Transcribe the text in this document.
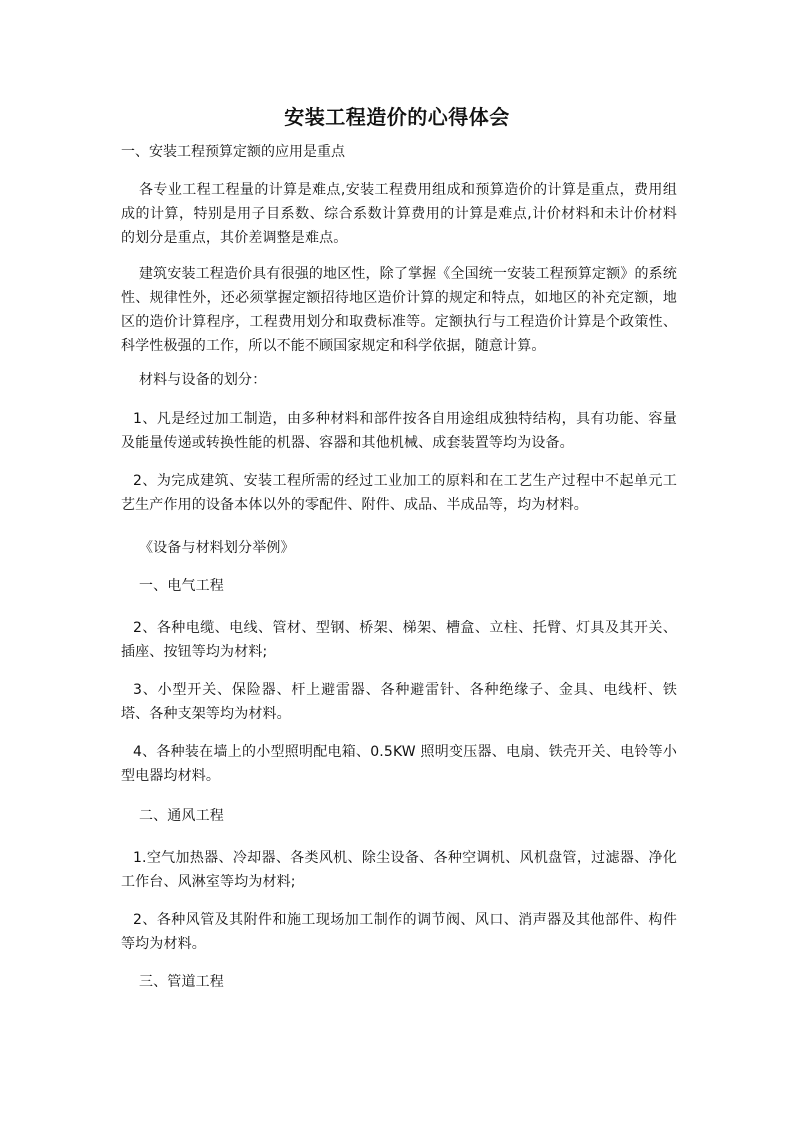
安装工程造价的心得体会

一、安装工程预算定额的应用是重点

各专业工程工程量的计算是难点,安装工程费用组成和预算造价的计算是重点，费用组成的计算，特别是用子目系数、综合系数计算费用的计算是难点,计价材料和未计价材料的划分是重点，其价差调整是难点。

建筑安装工程造价具有很强的地区性，除了掌握《全国统一安装工程预算定额》的系统性、规律性外，还必须掌握定额招待地区造价计算的规定和特点，如地区的补充定额，地区的造价计算程序，工程费用划分和取费标准等。定额执行与工程造价计算是个政策性、科学性极强的工作，所以不能不顾国家规定和科学依据，随意计算。

材料与设备的划分：

1、凡是经过加工制造，由多种材料和部件按各自用途组成独特结构，具有功能、容量及能量传递或转换性能的机器、容器和其他机械、成套装置等均为设备。

2、为完成建筑、安装工程所需的经过工业加工的原料和在工艺生产过程中不起单元工艺生产作用的设备本体以外的零配件、附件、成品、半成品等，均为材料。

《设备与材料划分举例》

一、电气工程

2、各种电缆、电线、管材、型钢、桥架、梯架、槽盒、立柱、托臂、灯具及其开关、插座、按钮等均为材料;

3、小型开关、保险器、杆上避雷器、各种避雷针、各种绝缘子、金具、电线杆、铁塔、各种支架等均为材料。

4、各种装在墙上的小型照明配电箱、0.5KW 照明变压器、电扇、铁壳开关、电铃等小型电器均材料。

二、通风工程

1.空气加热器、冷却器、各类风机、除尘设备、各种空调机、风机盘管，过滤器、净化工作台、风淋室等均为材料;

2、各种风管及其附件和施工现场加工制作的调节阀、风口、消声器及其他部件、构件等均为材料。

三、管道工程
